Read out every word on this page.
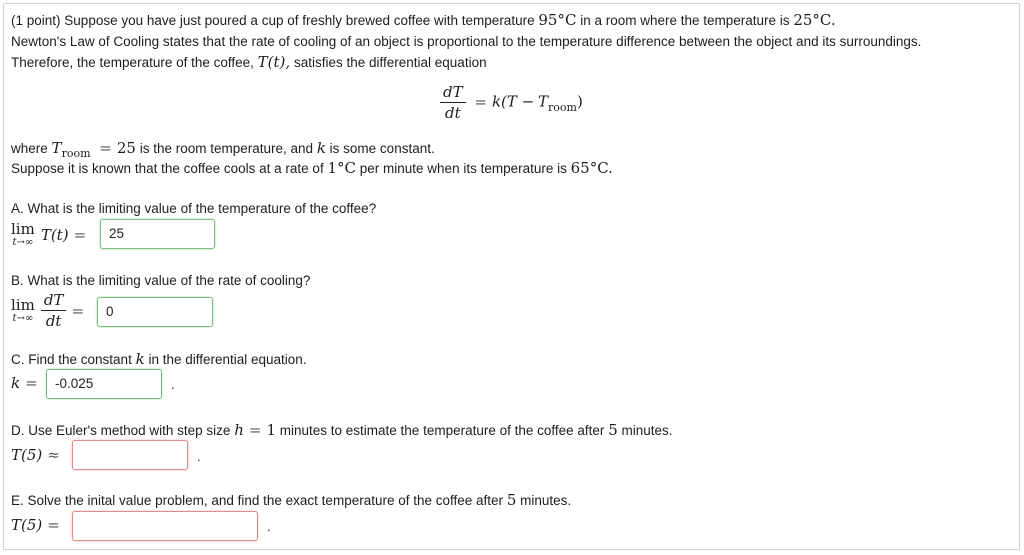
(1 point) Suppose you have just poured a cup of freshly brewed coffee with temperature 95°C in a room where the temperature is 25°C.
Newton's Law of Cooling states that the rate of cooling of an object is proportional to the temperature difference between the object and its surroundings.
Therefore, the temperature of the coffee, T(t), satisfies the differential equation
$\frac{dT}{dt} = k(T - T_{room})$
where $T_{room} = 25$ is the room temperature, and k is some constant.
Suppose it is known that the coffee cools at a rate of 1°C per minute when its temperature is 65°C.
A. What is the limiting value of the temperature of the coffee?
lim
t→∞ T(t) =	25
B. What is the limiting value of the rate of cooling?
lim
$t\to\infty \frac{dT}{dt}$ =	0
C. Find the constant k in the differential equation.
k =	-0.025	.
D. Use Euler's method with step size h = 1 minutes to estimate the temperature of the coffee after 5 minutes.
T(5) ≈	.
E. Solve the inital value problem, and find the exact temperature of the coffee after 5 minutes.
T(5) =	.
